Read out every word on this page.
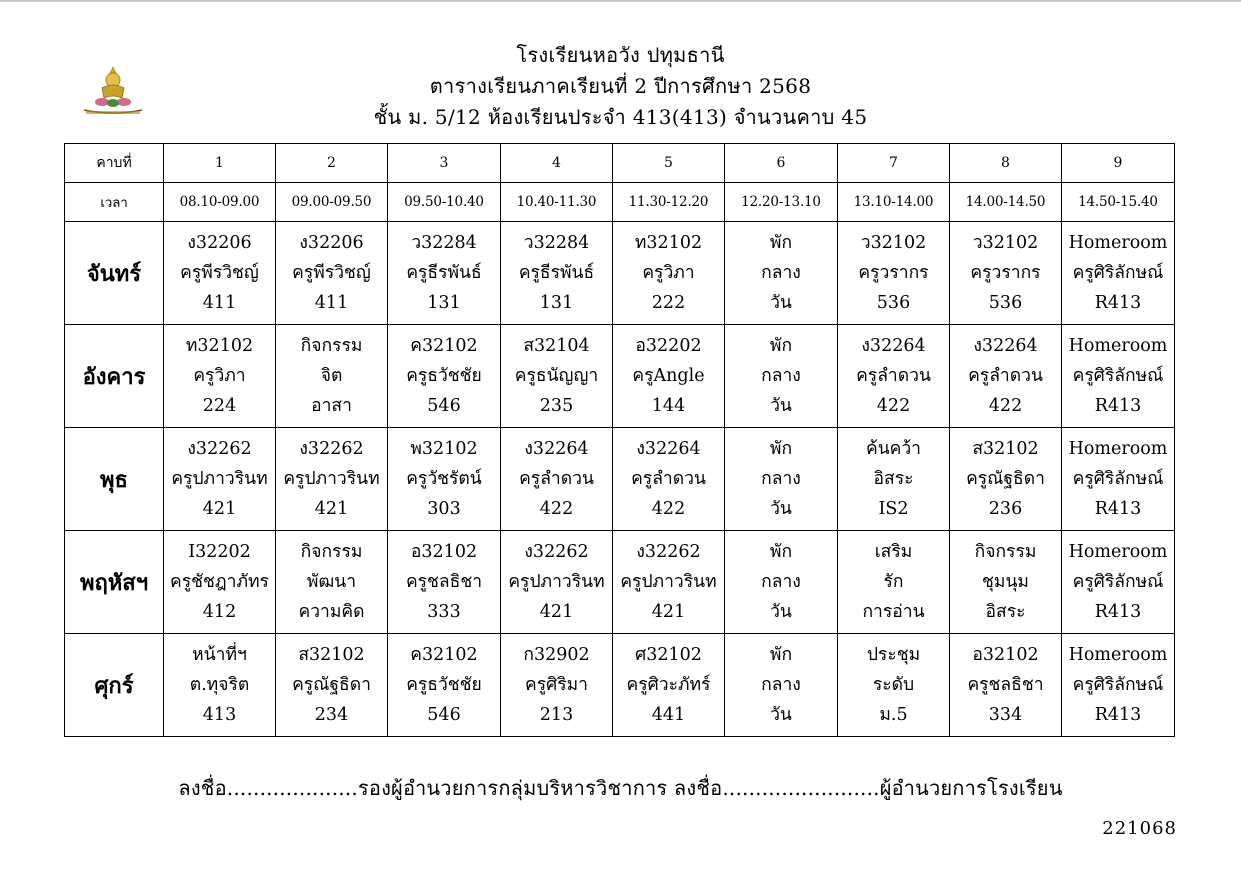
โรงเรียนหอวัง ปทุมธานี
ตารางเรียนภาคเรียนที่ 2 ปีการศึกษา 2568
ชั้น ม. 5/12 ห้องเรียนประจำ 413(413) จำนวนคาบ 45
คาบที่	1	2	3	4	5	6	7	8	9
เวลา	08.10-09.00	09.00-09.50	09.50-10.40	10.40-11.30	11.30-12.20	12.20-13.10	13.10-14.00	14.00-14.50	14.50-15.40
จันทร์	ง32206
ครูพีรวิชญ์
411	ง32206
ครูพีรวิชญ์
411	ว32284
ครูธีรพันธ์
131	ว32284
ครูธีรพันธ์
131	ท32102
ครูวิภา
222	พัก
กลาง
วัน	ว32102
ครูวรากร
536	ว32102
ครูวรากร
536	Homeroom
ครูศิริลักษณ์
R413

อังคาร	ท32102
ครูวิภา
224	กิจกรรม
จิต
อาสา	ค32102
ครูธวัชชัย
546	ส32104
ครูธนัญญา
235	อ32202
ครูAngle
144	พัก
กลาง
วัน	ง32264
ครูลำดวน
422	ง32264
ครูลำดวน
422	Homeroom
ครูศิริลักษณ์
R413

พุธ	ง32262
ครูปภาวรินท
421	ง32262
ครูปภาวรินท
421	พ32102
ครูวัชรัตน์
303	ง32264
ครูลำดวน
422	ง32264
ครูลำดวน
422	พัก
กลาง
วัน	ค้นคว้า
อิสระ
IS2	ส32102
ครูณัฐธิดา
236	Homeroom
ครูศิริลักษณ์
R413

พฤหัสฯ	I32202
ครูชัชฎาภัทร
412	กิจกรรม
พัฒนา
ความคิด	อ32102
ครูชลธิชา
333	ง32262
ครูปภาวรินท
421	ง32262
ครูปภาวรินท
421	พัก
กลาง
วัน	เสริม
รัก
การอ่าน	กิจกรรม
ชุมนุม
อิสระ	Homeroom
ครูศิริลักษณ์
R413

ศุกร์	หน้าที่ฯ
ต.ทุจริต
413	ส32102
ครูณัฐธิดา
234	ค32102
ครูธวัชชัย
546	ก32902
ครูศิริมา
213	ศ32102
ครูศิวะภัทร์
441	พัก
กลาง
วัน	ประชุม
ระดับ
ม.5	อ32102
ครูชลธิชา
334	Homeroom
ครูศิริลักษณ์
R413
ลงชื่อ....................รองผู้อำนวยการกลุ่มบริหารวิชาการ ลงชื่อ........................ผู้อำนวยการโรงเรียน
221068
